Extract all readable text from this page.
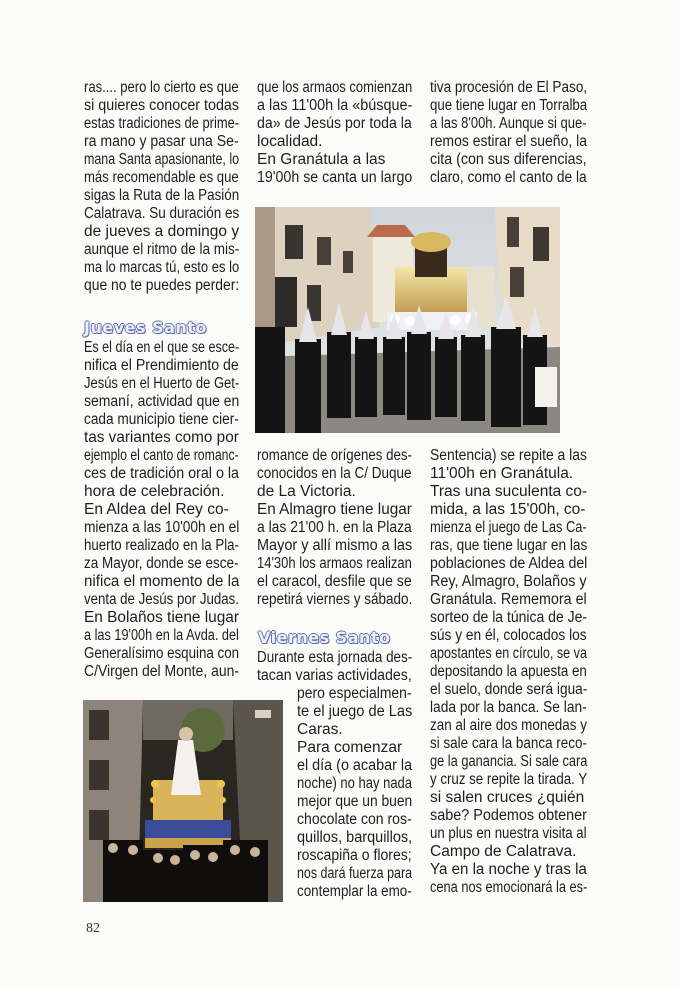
ras.... pero lo cierto es que
si quieres conocer todas
estas tradiciones de prime-
ra mano y pasar una Se-
mana Santa apasionante, lo
más recomendable es que
sigas la Ruta de la Pasión
Calatrava. Su duración es
de jueves a domingo y
aunque el ritmo de la mis-
ma lo marcas tú, esto es lo
que no te puedes perder:
Es el día en el que se esce-
nifica el Prendimiento de
Jesús en el Huerto de Get-
semaní, actividad que en
cada municipio tiene cier-
tas variantes como por
ejemplo el canto de romanc-
ces de tradición oral o la
hora de celebración.
En Aldea del Rey co-
mienza a las 10'00h en el
huerto realizado en la Pla-
za Mayor, donde se esce-
nifica el momento de la
venta de Jesús por Judas.
En Bolaños tiene lugar
a las 19'00h en la Avda. del
Generalísimo esquina con
C/Virgen del Monte, aun-
que los armaos comienzan
a las 11'00h la «búsque-
da» de Jesús por toda la
localidad.
En Granátula a las
19'00h se canta un largo
romance de orígenes des-
conocidos en la C/ Duque
de La Victoria.
En Almagro tiene lugar
a las 21'00 h. en la Plaza
Mayor y allí mismo a las
14'30h los armaos realizan
el caracol, desfile que se
repetirá viernes y sábado.
Durante esta jornada des-
tacan varias actividades,
pero especialmen-
te el juego de Las
Caras.
Para comenzar
el día (o acabar la
noche) no hay nada
mejor que un buen
chocolate con ros-
quillos, barquillos,
roscapiña o flores;
nos dará fuerza para
contemplar la emo-
tiva procesión de El Paso,
que tiene lugar en Torralba
a las 8'00h. Aunque si que-
remos estirar el sueño, la
cita (con sus diferencias,
claro, como el canto de la
Sentencia) se repite a las
11'00h en Granátula.
Tras una suculenta co-
mida, a las 15'00h, co-
mienza el juego de Las Ca-
ras, que tiene lugar en las
poblaciones de Aldea del
Rey, Almagro, Bolaños y
Granátula. Rememora el
sorteo de la túnica de Je-
sús y en él, colocados los
apostantes en círculo, se va
depositando la apuesta en
el suelo, donde será igua-
lada por la banca. Se lan-
zan al aire dos monedas y
si sale cara la banca reco-
ge la ganancia. Si sale cara
y cruz se repite la tirada. Y
si salen cruces ¿quién
sabe? Podemos obtener
un plus en nuestra visita al
Campo de Calatrava.
Ya en la noche y tras la
cena nos emocionará la es-
Jueves Santo
Viernes Santo
82
